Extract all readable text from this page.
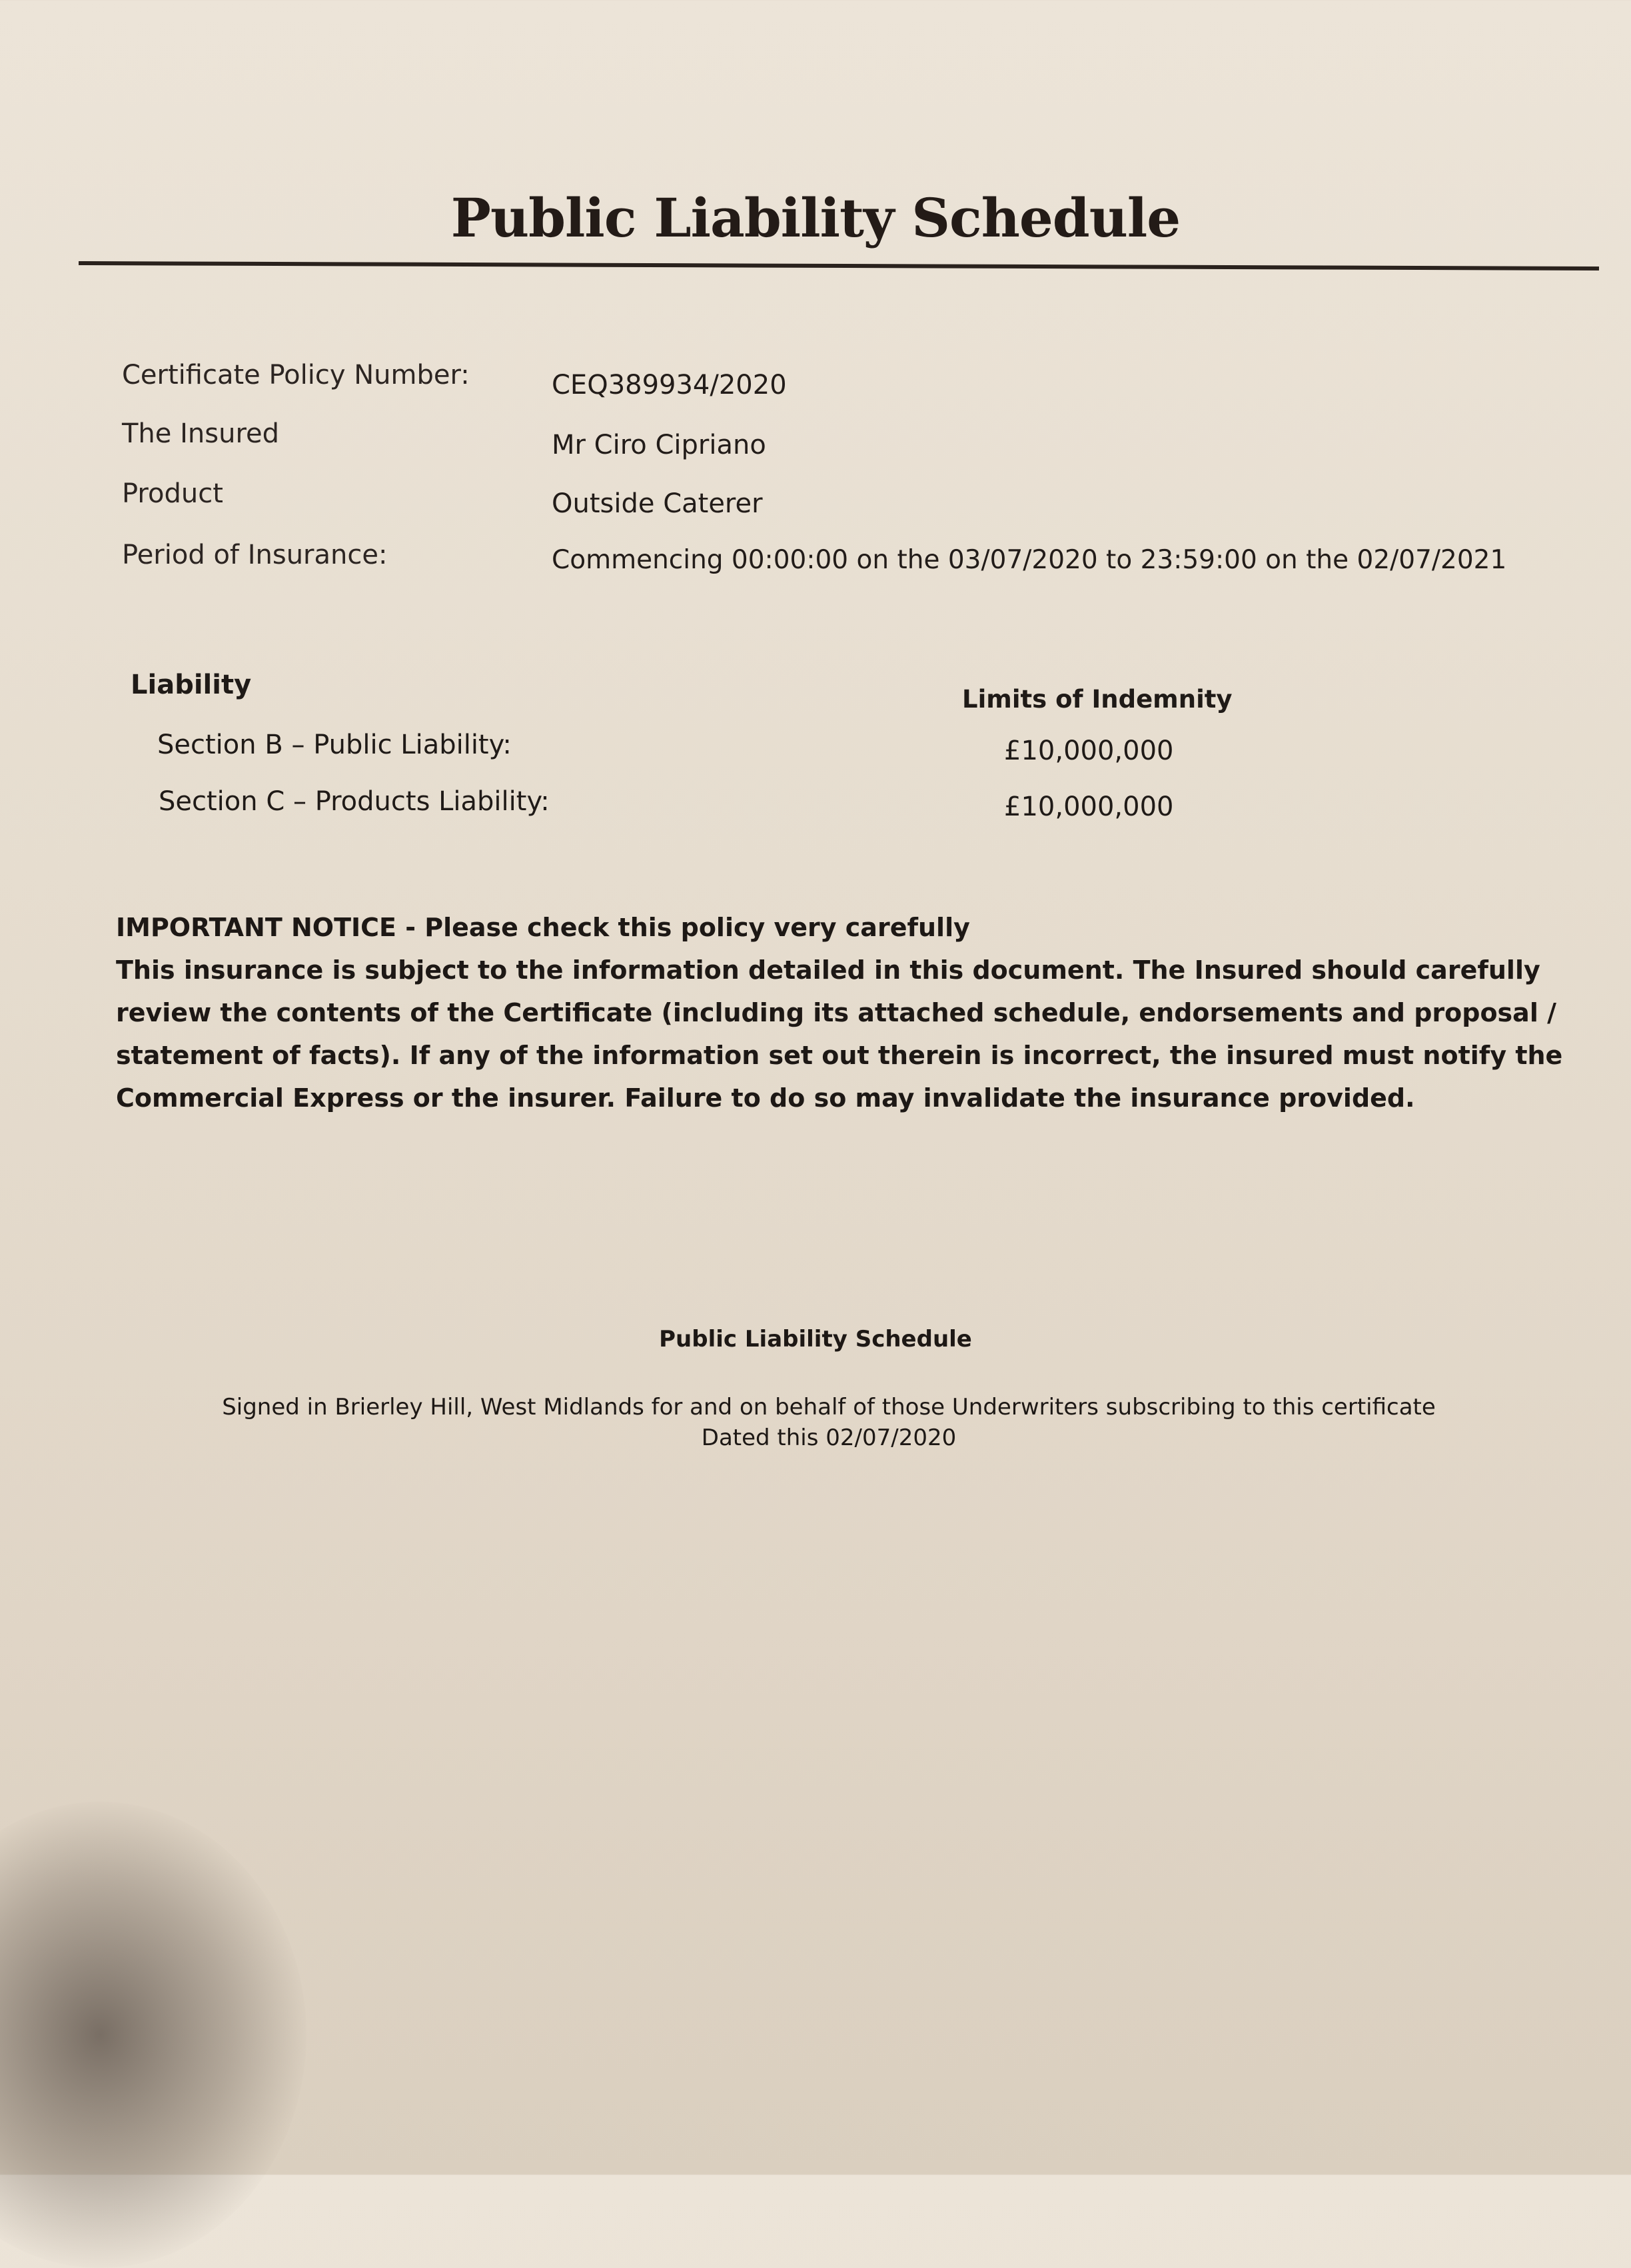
Public Liability Schedule
Certificate Policy Number:	CEQ389934/2020
The Insured	Mr Ciro Cipriano
Product	Outside Caterer
Period of Insurance:	Commencing 00:00:00 on the 03/07/2020 to 23:59:00 on the 02/07/2021
Liability	Limits of Indemnity
Section B – Public Liability:	£10,000,000
Section C – Products Liability:	£10,000,000
IMPORTANT NOTICE - Please check this policy very carefully
This insurance is subject to the information detailed in this document. The Insured should carefully review the contents of the Certificate (including its attached schedule, endorsements and proposal / statement of facts). If any of the information set out therein is incorrect, the insured must notify the Commercial Express or the insurer. Failure to do so may invalidate the insurance provided.
Public Liability Schedule
Signed in Brierley Hill, West Midlands for and on behalf of those Underwriters subscribing to this certificate
Dated this 02/07/2020
